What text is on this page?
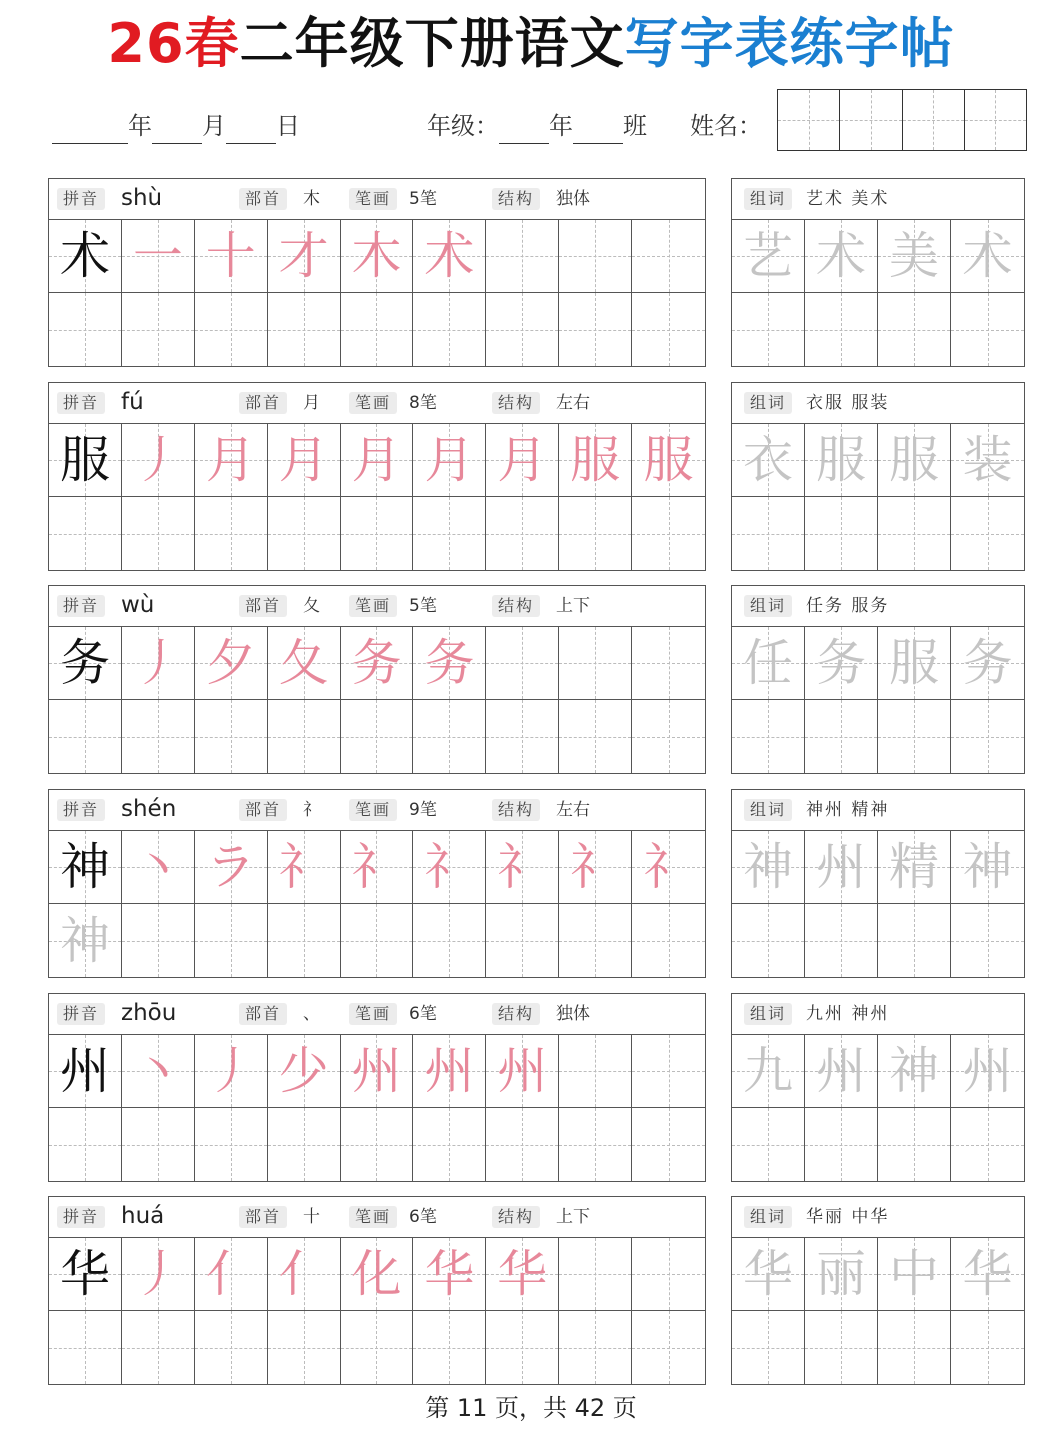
26春二年级下册语文写字表练字帖
年 月 日	年级： 年 班 姓名：
拼音 shù	部首	木	笔画	5笔	结构	独体
术 一 十 才 木 术
组词	艺术 美术
艺 术 美 术
拼音 fú	部首	月	笔画	8笔	结构	左右
服 丿 月 月 月 月 月 服 服
组词	衣服 服装
衣 服 服 装
拼音 wù	部首	夂	笔画	5笔	结构	上下
务 丿 夕 夂 务 务
组词	任务 服务
任 务 服 务
拼音 shén	部首	礻	笔画	9笔	结构	左右
神 丶 ラ 礻 礻 礻 礻 礻 礻
神
组词	神州 精神
神 州 精 神
拼音 zhōu	部首	、	笔画	6笔	结构	独体
州 丶 丿 少 州 州 州
组词	九州 神州
九 州 神 州
拼音 huá	部首	十	笔画	6笔	结构	上下
华 丿 亻 亻 化 华 华
组词	华丽 中华
华 丽 中 华
第 11 页，共 42 页
